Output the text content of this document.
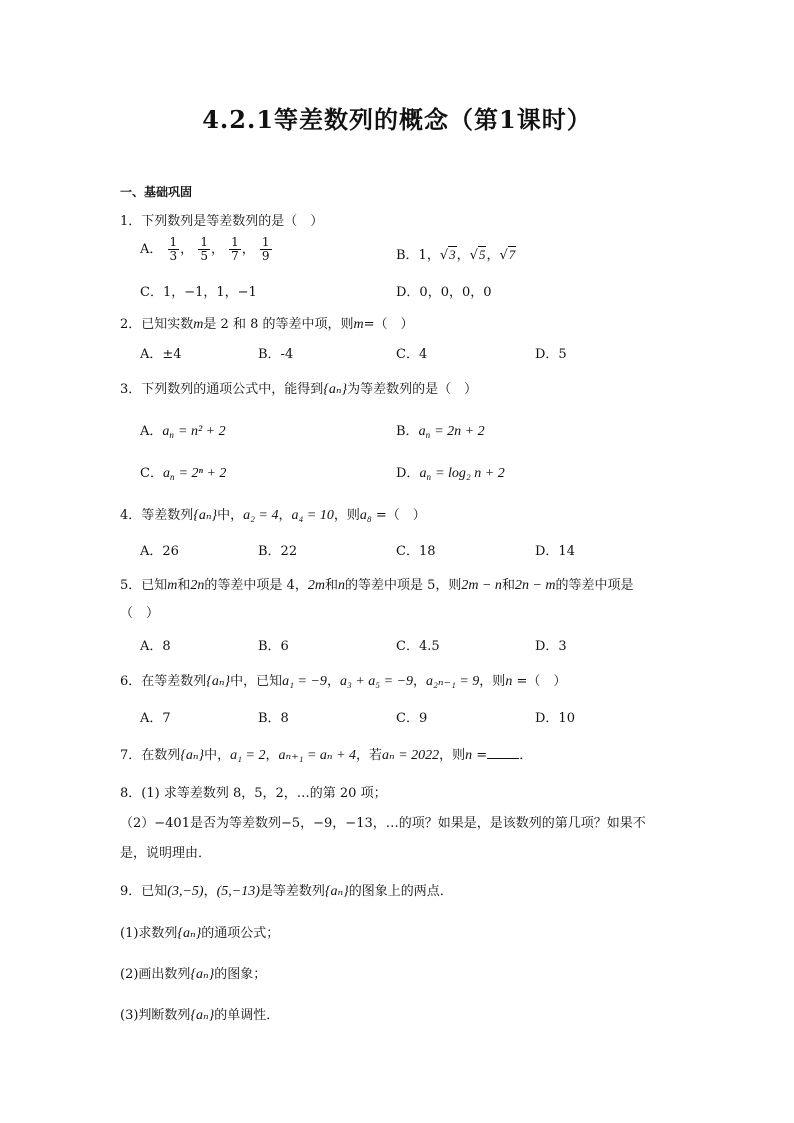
4.2.1等差数列的概念（第1课时）
一、基础巩固
1．下列数列是等差数列的是（　）
A． $\frac{1}{3}$ ， $\frac{1}{5}$ ， $\frac{1}{7}$ ， $\frac{1}{9}$	B．1，√3，√5，√7
C．1，−1，1，−1	D．0，0，0，0
2．已知实数m是 2 和 8 的等差中项，则m=（　）
A．±4	B．-4	C．4	D．5
3．下列数列的通项公式中，能得到{aₙ}为等差数列的是（　）
A．$a_n = n^2 + 2$	B．$a_n = 2n + 2$
C．$a_n = 2^n + 2$	D．$a_n = \log_2$ n + 2
4．等差数列{aₙ}中，a₂ = 4，a₄ = 10，则a₈ =（　）
A．26	B．22	C．18	D．14
5．已知m和2n的等差中项是 4，2m和n的等差中项是 5，则2m − n和2n − m的等差中项是
（　）
A．8	B．6	C．4.5	D．3
6．在等差数列{aₙ}中，已知a₁ = −9，a₃ + a₅ = −9，a₂ₙ₋₁ = 9，则n =（　）
A．7	B．8	C．9	D．10
7．在数列{aₙ}中，a₁ = 2，aₙ₊₁ = aₙ + 4，若aₙ = 2022，则n = ．
8．(1) 求等差数列 8，5，2，…的第 20 项；
（2）−401是否为等差数列−5，−9，−13，…的项？如果是，是该数列的第几项？如果不
是，说明理由．
9．已知(3,−5)，(5,−13)是等差数列{aₙ}的图象上的两点．
(1)求数列{aₙ}的通项公式；
(2)画出数列{aₙ}的图象；
(3)判断数列{aₙ}的单调性．
